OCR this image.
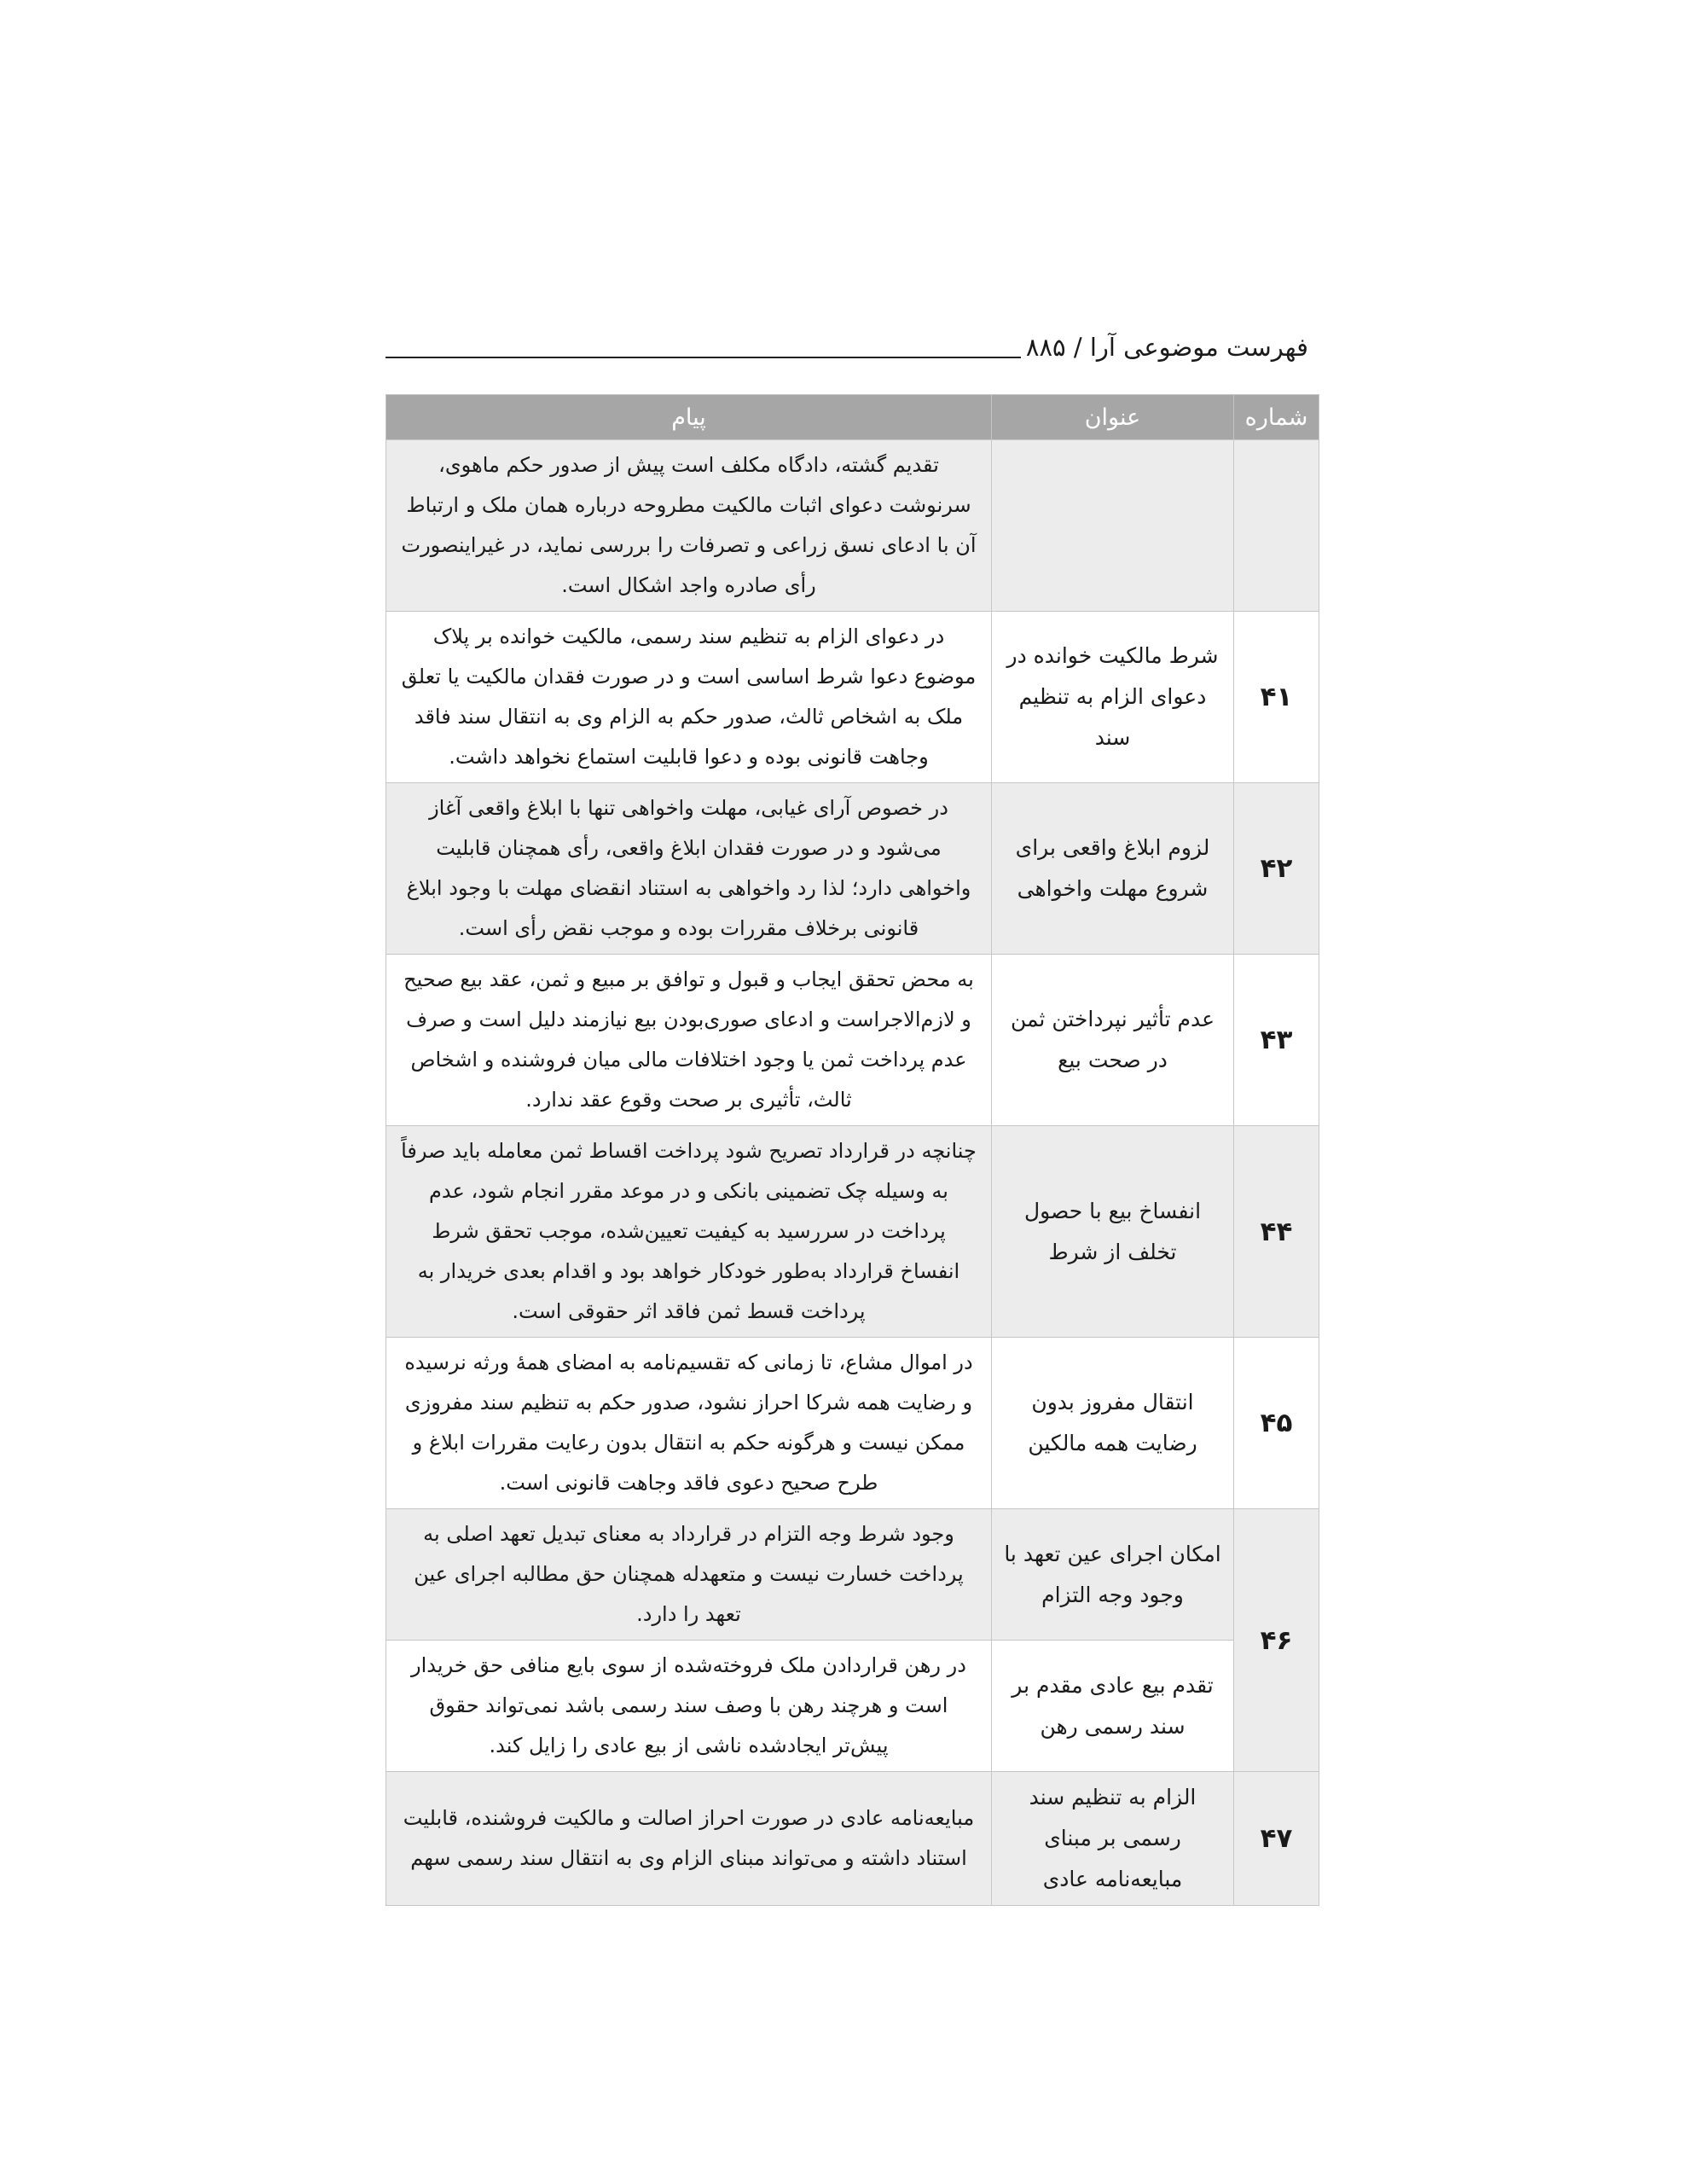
فهرست موضوعی آرا / ۸۸۵
شماره	عنوان	پیام
		تقدیم گشته، دادگاه مکلف است پیش از صدور حکم ماهوی، سرنوشت دعوای اثبات مالکیت مطروحه درباره همان ملک و ارتباط آن با ادعای نسق زراعی و تصرفات را بررسی نماید، در غیراینصورت رأی صادره واجد اشکال است.
۴۱	شرط مالکیت خوانده در دعوای الزام به تنظیم سند	در دعوای الزام به تنظیم سند رسمی، مالکیت خوانده بر پلاک موضوع دعوا شرط اساسی است و در صورت فقدان مالکیت یا تعلق ملک به اشخاص ثالث، صدور حکم به الزام وی به انتقال سند فاقد وجاهت قانونی بوده و دعوا قابلیت استماع نخواهد داشت.
۴۲	لزوم ابلاغ واقعی برای شروع مهلت واخواهی	در خصوص آرای غیابی، مهلت واخواهی تنها با ابلاغ واقعی آغاز می‌شود و در صورت فقدان ابلاغ واقعی، رأی همچنان قابلیت واخواهی دارد؛ لذا رد واخواهی به استناد انقضای مهلت با وجود ابلاغ قانونی برخلاف مقررات بوده و موجب نقض رأی است.
۴۳	عدم تأثیر نپرداختن ثمن در صحت بیع	به محض تحقق ایجاب و قبول و توافق بر مبیع و ثمن، عقد بیع صحیح و لازم‌الاجراست و ادعای صوری‌بودن بیع نیازمند دلیل است و صرف عدم پرداخت ثمن یا وجود اختلافات مالی میان فروشنده و اشخاص ثالث، تأثیری بر صحت وقوع عقد ندارد.
۴۴	انفساخ بیع با حصول تخلف از شرط	چنانچه در قرارداد تصریح شود پرداخت اقساط ثمن معامله باید صرفاً به وسیله چک تضمینی بانکی و در موعد مقرر انجام شود، عدم پرداخت در سررسید به کیفیت تعیین‌شده، موجب تحقق شرط انفساخ قرارداد به‌طور خودکار خواهد بود و اقدام بعدی خریدار به پرداخت قسط ثمن فاقد اثر حقوقی است.
۴۵	انتقال مفروز بدون رضایت همه مالکین	در اموال مشاع، تا زمانی که تقسیم‌نامه به امضای همهٔ ورثه نرسیده و رضایت همه شرکا احراز نشود، صدور حکم به تنظیم سند مفروزی ممکن نیست و هرگونه حکم به انتقال بدون رعایت مقررات ابلاغ و طرح صحیح دعوی فاقد وجاهت قانونی است.
۴۶	امکان اجرای عین تعهد با وجود وجه التزام	وجود شرط وجه التزام در قرارداد به معنای تبدیل تعهد اصلی به پرداخت خسارت نیست و متعهدله همچنان حق مطالبه اجرای عین تعهد را دارد.
	تقدم بیع عادی مقدم بر سند رسمی رهن	در رهن قراردادن ملک فروخته‌شده از سوی بایع منافی حق خریدار است و هرچند رهن با وصف سند رسمی باشد نمی‌تواند حقوق پیش‌تر ایجادشده ناشی از بیع عادی را زایل کند.
۴۷	الزام به تنظیم سند رسمی بر مبنای مبایعه‌نامه عادی	مبایعه‌نامه عادی در صورت احراز اصالت و مالکیت فروشنده، قابلیت استناد داشته و می‌تواند مبنای الزام وی به انتقال سند رسمی سهم
